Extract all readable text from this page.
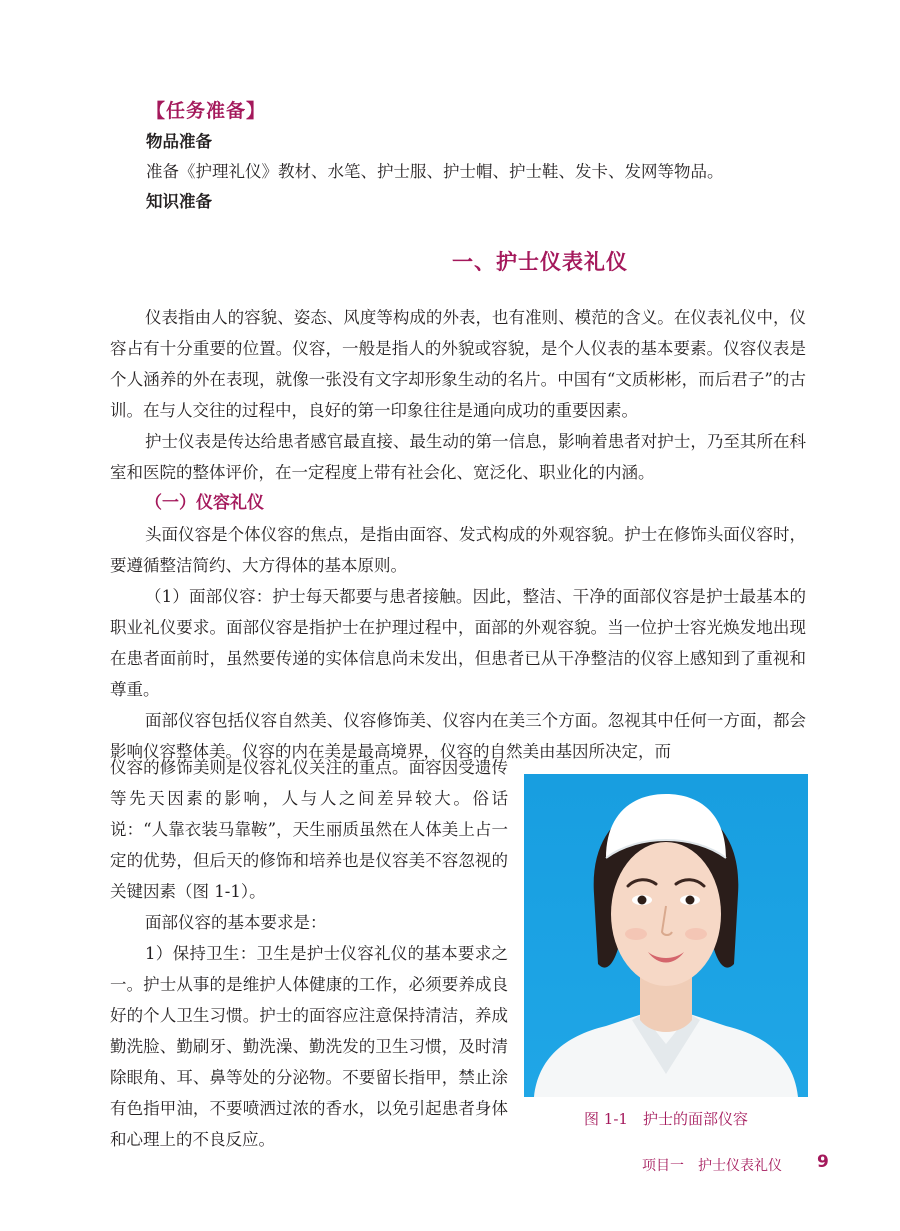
【任务准备】
物品准备

准备《护理礼仪》教材、水笔、护士服、护士帽、护士鞋、发卡、发网等物品。

知识准备
一、护士仪表礼仪

仪表指由人的容貌、姿态、风度等构成的外表，也有准则、模范的含义。在仪表礼仪中，仪容占有十分重要的位置。仪容，一般是指人的外貌或容貌，是个人仪表的基本要素。仪容仪表是个人涵养的外在表现，就像一张没有文字却形象生动的名片。中国有“文质彬彬，而后君子”的古训。在与人交往的过程中，良好的第一印象往往是通向成功的重要因素。

护士仪表是传达给患者感官最直接、最生动的第一信息，影响着患者对护士，乃至其所在科室和医院的整体评价，在一定程度上带有社会化、宽泛化、职业化的内涵。

（一）仪容礼仪

头面仪容是个体仪容的焦点，是指由面容、发式构成的外观容貌。护士在修饰头面仪容时，要遵循整洁简约、大方得体的基本原则。

（1）面部仪容：护士每天都要与患者接触。因此，整洁、干净的面部仪容是护士最基本的职业礼仪要求。面部仪容是指护士在护理过程中，面部的外观容貌。当一位护士容光焕发地出现在患者面前时，虽然要传递的实体信息尚未发出，但患者已从干净整洁的仪容上感知到了重视和尊重。

面部仪容包括仪容自然美、仪容修饰美、仪容内在美三个方面。忽视其中任何一方面，都会影响仪容整体美。仪容的内在美是最高境界，仪容的自然美由基因所决定，而

仪容的修饰美则是仪容礼仪关注的重点。面容因受遗传等先天因素的影响，人与人之间差异较大。俗话说：“人靠衣装马靠鞍”，天生丽质虽然在人体美上占一定的优势，但后天的修饰和培养也是仪容美不容忽视的关键因素（图 1-1）。

面部仪容的基本要求是：

1）保持卫生：卫生是护士仪容礼仪的基本要求之一。护士从事的是维护人体健康的工作，必须要养成良好的个人卫生习惯。护士的面容应注意保持清洁，养成勤洗脸、勤刷牙、勤洗澡、勤洗发的卫生习惯，及时清除眼角、耳、鼻等处的分泌物。不要留长指甲，禁止涂有色指甲油，不要喷洒过浓的香水，以免引起患者身体和心理上的不良反应。

图 1-1　护士的面部仪容

项目一　护士仪表礼仪 9
